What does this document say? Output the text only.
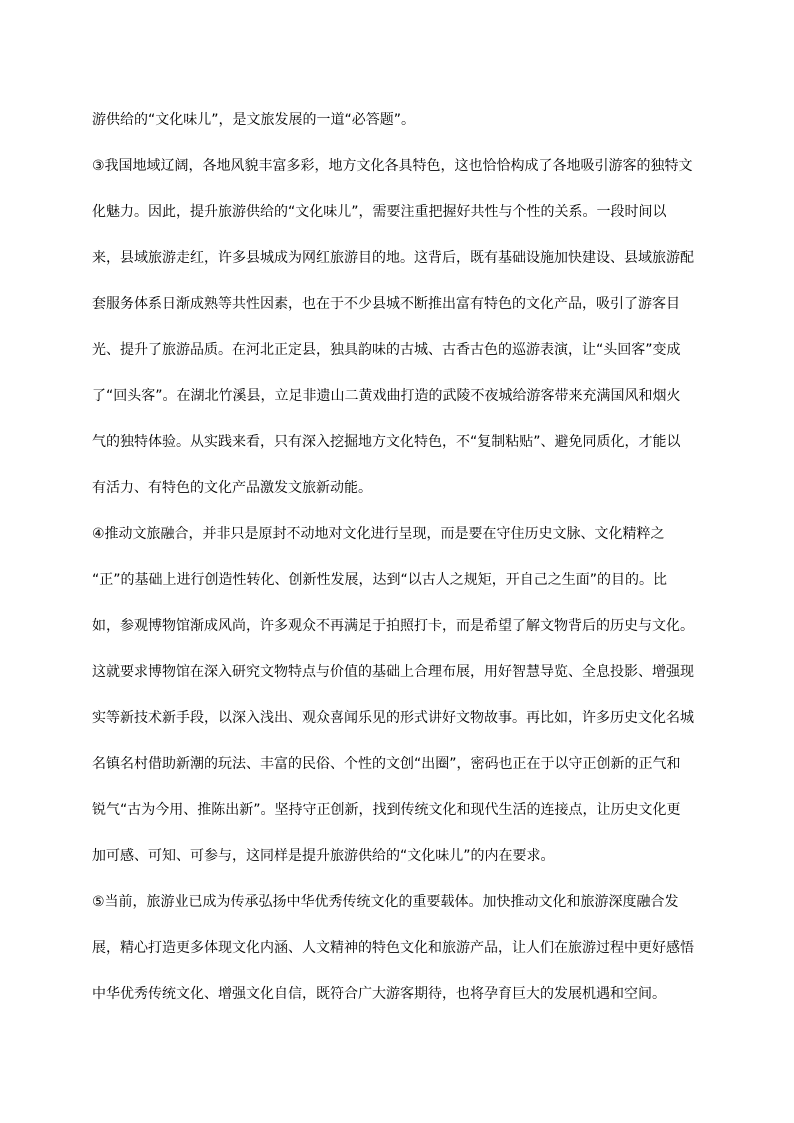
游供给的“文化味儿”，是文旅发展的一道“必答题”。
③我国地域辽阔，各地风貌丰富多彩，地方文化各具特色，这也恰恰构成了各地吸引游客的独特文
化魅力。因此，提升旅游供给的“文化味儿”，需要注重把握好共性与个性的关系。一段时间以
来，县域旅游走红，许多县城成为网红旅游目的地。这背后，既有基础设施加快建设、县域旅游配
套服务体系日渐成熟等共性因素，也在于不少县城不断推出富有特色的文化产品，吸引了游客目
光、提升了旅游品质。在河北正定县，独具韵味的古城、古香古色的巡游表演，让“头回客”变成
了“回头客”。在湖北竹溪县，立足非遗山二黄戏曲打造的武陵不夜城给游客带来充满国风和烟火
气的独特体验。从实践来看，只有深入挖掘地方文化特色，不“复制粘贴”、避免同质化，才能以
有活力、有特色的文化产品激发文旅新动能。
④推动文旅融合，并非只是原封不动地对文化进行呈现，而是要在守住历史文脉、文化精粹之
“正”的基础上进行创造性转化、创新性发展，达到“以古人之规矩，开自己之生面”的目的。比
如，参观博物馆渐成风尚，许多观众不再满足于拍照打卡，而是希望了解文物背后的历史与文化。
这就要求博物馆在深入研究文物特点与价值的基础上合理布展，用好智慧导览、全息投影、增强现
实等新技术新手段，以深入浅出、观众喜闻乐见的形式讲好文物故事。再比如，许多历史文化名城
名镇名村借助新潮的玩法、丰富的民俗、个性的文创“出圈”，密码也正在于以守正创新的正气和
锐气“古为今用、推陈出新”。坚持守正创新，找到传统文化和现代生活的连接点，让历史文化更
加可感、可知、可参与，这同样是提升旅游供给的“文化味儿”的内在要求。
⑤当前，旅游业已成为传承弘扬中华优秀传统文化的重要载体。加快推动文化和旅游深度融合发
展，精心打造更多体现文化内涵、人文精神的特色文化和旅游产品，让人们在旅游过程中更好感悟
中华优秀传统文化、增强文化自信，既符合广大游客期待，也将孕育巨大的发展机遇和空间。
